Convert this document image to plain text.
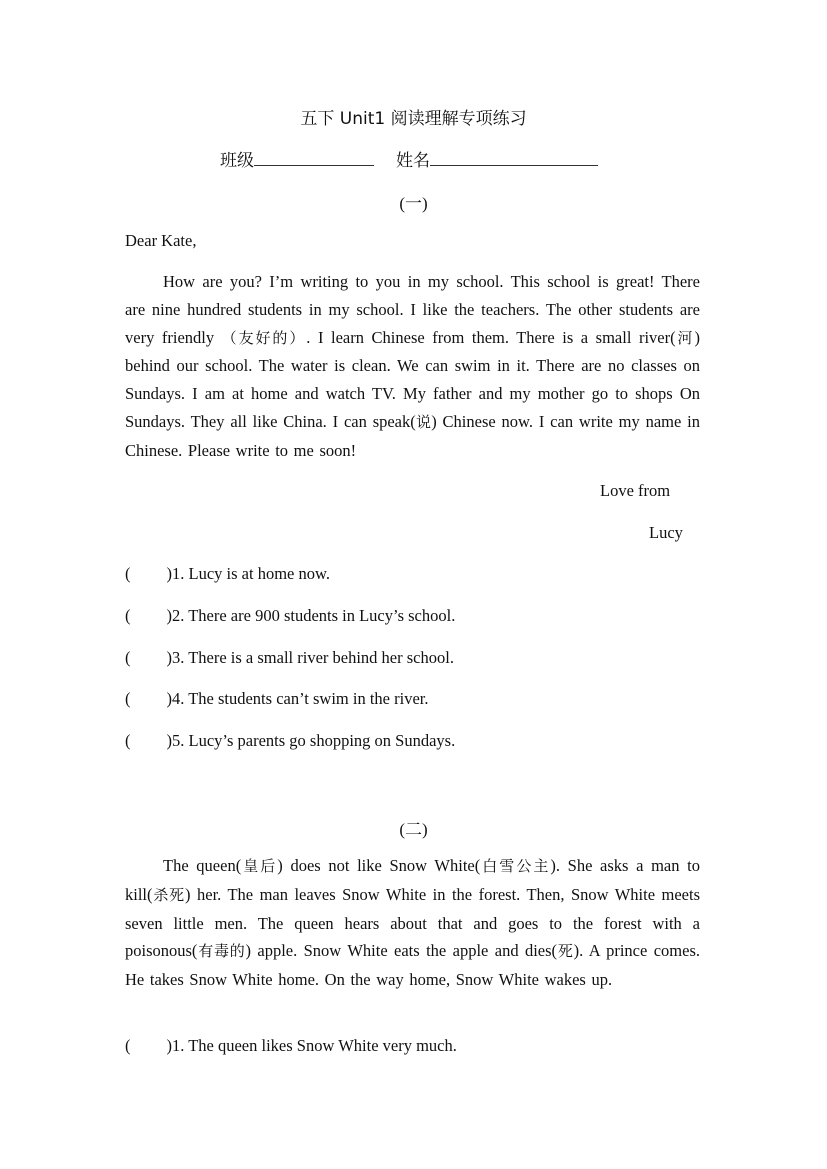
五下 Unit1 阅读理解专项练习
班级	姓名
(一)
Dear Kate,
How are you? I’m writing to you in my school. This school is great! There are nine hundred students in my school. I like the teachers. The other students are very friendly （友好的）. I learn Chinese from them. There is a small river(河) behind our school. The water is clean. We can swim in it. There are no classes on Sundays. I am at home and watch TV. My father and my mother go to shops On Sundays. They all like China. I can speak(说) Chinese now. I can write my name in Chinese. Please write to me soon!
Love from
Lucy
( ) 1. Lucy is at home now.
( ) 2. There are 900 students in Lucy’s school.
( ) 3. There is a small river behind her school.
( ) 4. The students can’t swim in the river.
( ) 5. Lucy’s parents go shopping on Sundays.
(二)
The queen(皇后) does not like Snow White(白雪公主). She asks a man to kill(杀死) her. The man leaves Snow White in the forest. Then, Snow White meets seven little men. The queen hears about that and goes to the forest with a poisonous(有毒的) apple. Snow White eats the apple and dies(死). A prince comes. He takes Snow White home. On the way home, Snow White wakes up.
( ) 1. The queen likes Snow White very much.
